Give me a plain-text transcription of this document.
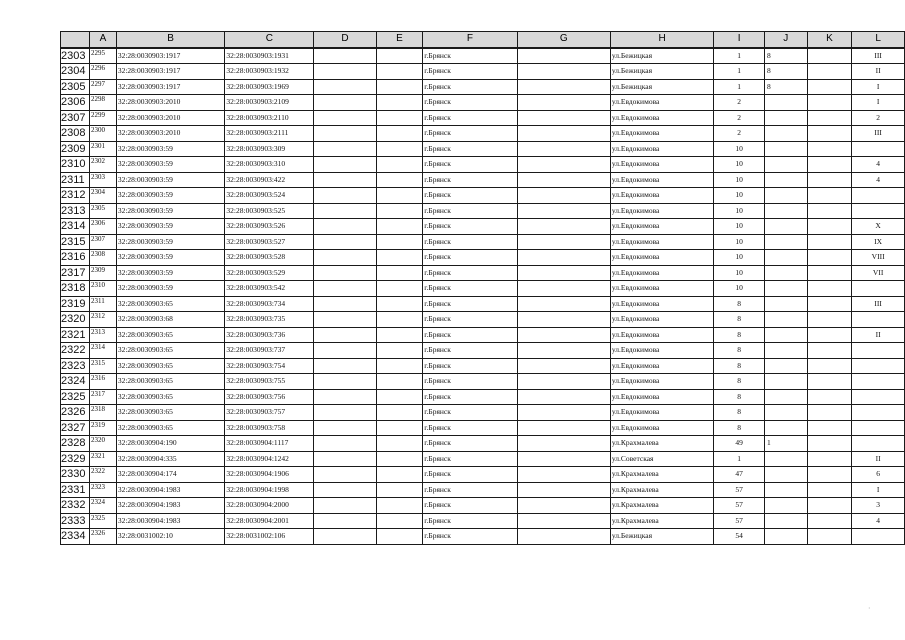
	A	B	C	D	E	F	G	H	I	J	K	L
2303	2295	32:28:0030903:1917	32:28:0030903:1931			г.Брянск		ул.Бежицкая	1	8		III
2304	2296	32:28:0030903:1917	32:28:0030903:1932			г.Брянск		ул.Бежицкая	1	8		II
2305	2297	32:28:0030903:1917	32:28:0030903:1969			г.Брянск		ул.Бежицкая	1	8		I
2306	2298	32:28:0030903:2010	32:28:0030903:2109			г.Брянск		ул.Евдокимова	2			I
2307	2299	32:28:0030903:2010	32:28:0030903:2110			г.Брянск		ул.Евдокимова	2			2
2308	2300	32:28:0030903:2010	32:28:0030903:2111			г.Брянск		ул.Евдокимова	2			III
2309	2301	32:28:0030903:59	32:28:0030903:309			г.Брянск		ул.Евдокимова	10			
2310	2302	32:28:0030903:59	32:28:0030903:310			г.Брянск		ул.Евдокимова	10			4
2311	2303	32:28:0030903:59	32:28:0030903:422			г.Брянск		ул.Евдокимова	10			4
2312	2304	32:28:0030903:59	32:28:0030903:524			г.Брянск		ул.Евдокимова	10			
2313	2305	32:28:0030903:59	32:28:0030903:525			г.Брянск		ул.Евдокимова	10			
2314	2306	32:28:0030903:59	32:28:0030903:526			г.Брянск		ул.Евдокимова	10			X
2315	2307	32:28:0030903:59	32:28:0030903:527			г.Брянск		ул.Евдокимова	10			IX
2316	2308	32:28:0030903:59	32:28:0030903:528			г.Брянск		ул.Евдокимова	10			VIII
2317	2309	32:28:0030903:59	32:28:0030903:529			г.Брянск		ул.Евдокимова	10			VII
2318	2310	32:28:0030903:59	32:28:0030903:542			г.Брянск		ул.Евдокимова	10			
2319	2311	32:28:0030903:65	32:28:0030903:734			г.Брянск		ул.Евдокимова	8			III
2320	2312	32:28:0030903:68	32:28:0030903:735			г.Брянск		ул.Евдокимова	8			
2321	2313	32:28:0030903:65	32:28:0030903:736			г.Брянск		ул.Евдокимова	8			II
2322	2314	32:28:0030903:65	32:28:0030903:737			г.Брянск		ул.Евдокимова	8			
2323	2315	32:28:0030903:65	32:28:0030903:754			г.Брянск		ул.Евдокимова	8			
2324	2316	32:28:0030903:65	32:28:0030903:755			г.Брянск		ул.Евдокимова	8			
2325	2317	32:28:0030903:65	32:28:0030903:756			г.Брянск		ул.Евдокимова	8			
2326	2318	32:28:0030903:65	32:28:0030903:757			г.Брянск		ул.Евдокимова	8			
2327	2319	32:28:0030903:65	32:28:0030903:758			г.Брянск		ул.Евдокимова	8			
2328	2320	32:28:0030904:190	32:28:0030904:1117			г.Брянск		ул.Крахмалева	49	1		
2329	2321	32:28:0030904:335	32:28:0030904:1242			г.Брянск		ул.Советская	1			II
2330	2322	32:28:0030904:174	32:28:0030904:1906			г.Брянск		ул.Крахмалева	47			6
2331	2323	32:28:0030904:1983	32:28:0030904:1998			г.Брянск		ул.Крахмалева	57			I
2332	2324	32:28:0030904:1983	32:28:0030904:2000			г.Брянск		ул.Крахмалева	57			3
2333	2325	32:28:0030904:1983	32:28:0030904:2001			г.Брянск		ул.Крахмалева	57			4
2334	2326	32:28:0031002:10	32:28:0031002:106			г.Брянск		ул.Бежицкая	54			
·
